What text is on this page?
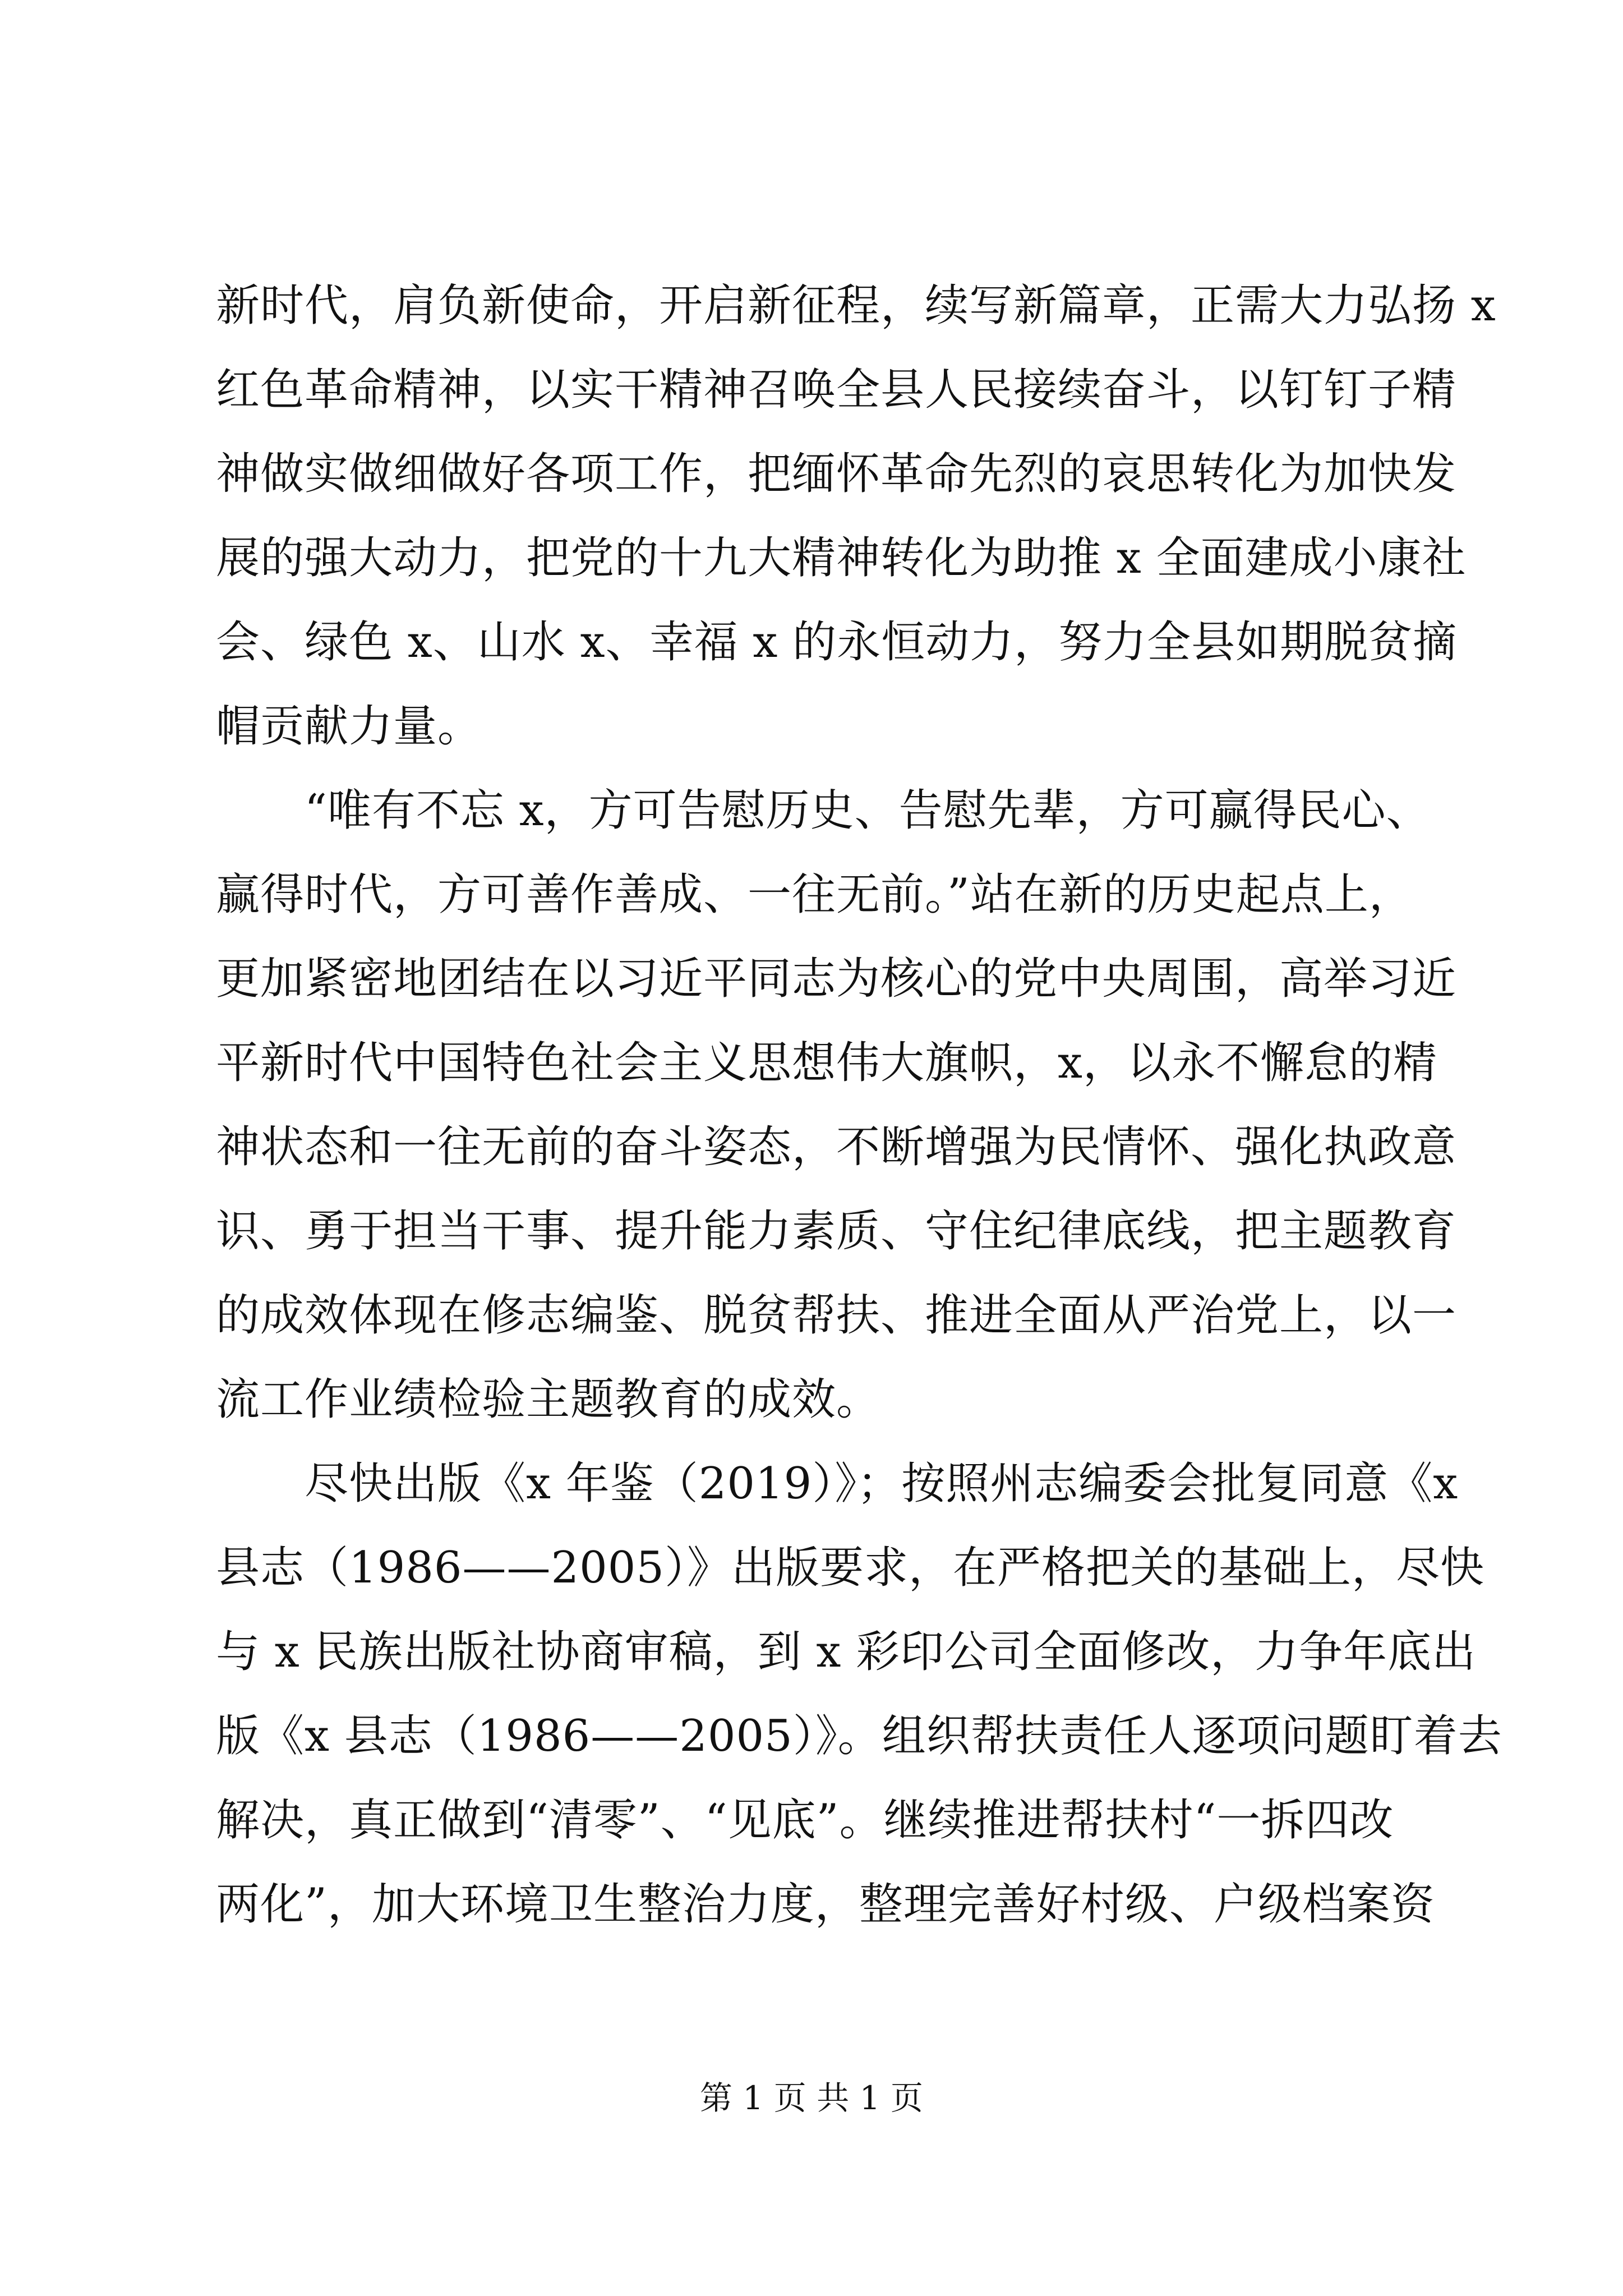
新时代，肩负新使命，开启新征程，续写新篇章，正需大力弘扬 x
红色革命精神，以实干精神召唤全县人民接续奋斗，以钉钉子精
神做实做细做好各项工作，把缅怀革命先烈的哀思转化为加快发
展的强大动力，把党的十九大精神转化为助推 x 全面建成小康社
会、绿色 x、山水 x、幸福 x 的永恒动力，努力全县如期脱贫摘
帽贡献力量。
　　“唯有不忘 x，方可告慰历史、告慰先辈，方可赢得民心、
赢得时代，方可善作善成、一往无前。”站在新的历史起点上，
更加紧密地团结在以习近平同志为核心的党中央周围，高举习近
平新时代中国特色社会主义思想伟大旗帜，x，以永不懈怠的精
神状态和一往无前的奋斗姿态，不断增强为民情怀、强化执政意
识、勇于担当干事、提升能力素质、守住纪律底线，把主题教育
的成效体现在修志编鉴、脱贫帮扶、推进全面从严治党上，以一
流工作业绩检验主题教育的成效。
　　尽快出版《x 年鉴（2019）》；按照州志编委会批复同意《x
县志（1986——2005）》出版要求，在严格把关的基础上，尽快
与 x 民族出版社协商审稿，到 x 彩印公司全面修改，力争年底出
版《x 县志（1986——2005）》。组织帮扶责任人逐项问题盯着去
解决，真正做到“清零”、“见底”。继续推进帮扶村“一拆四改
两化”，加大环境卫生整治力度，整理完善好村级、户级档案资
第 1 页 共 1 页
